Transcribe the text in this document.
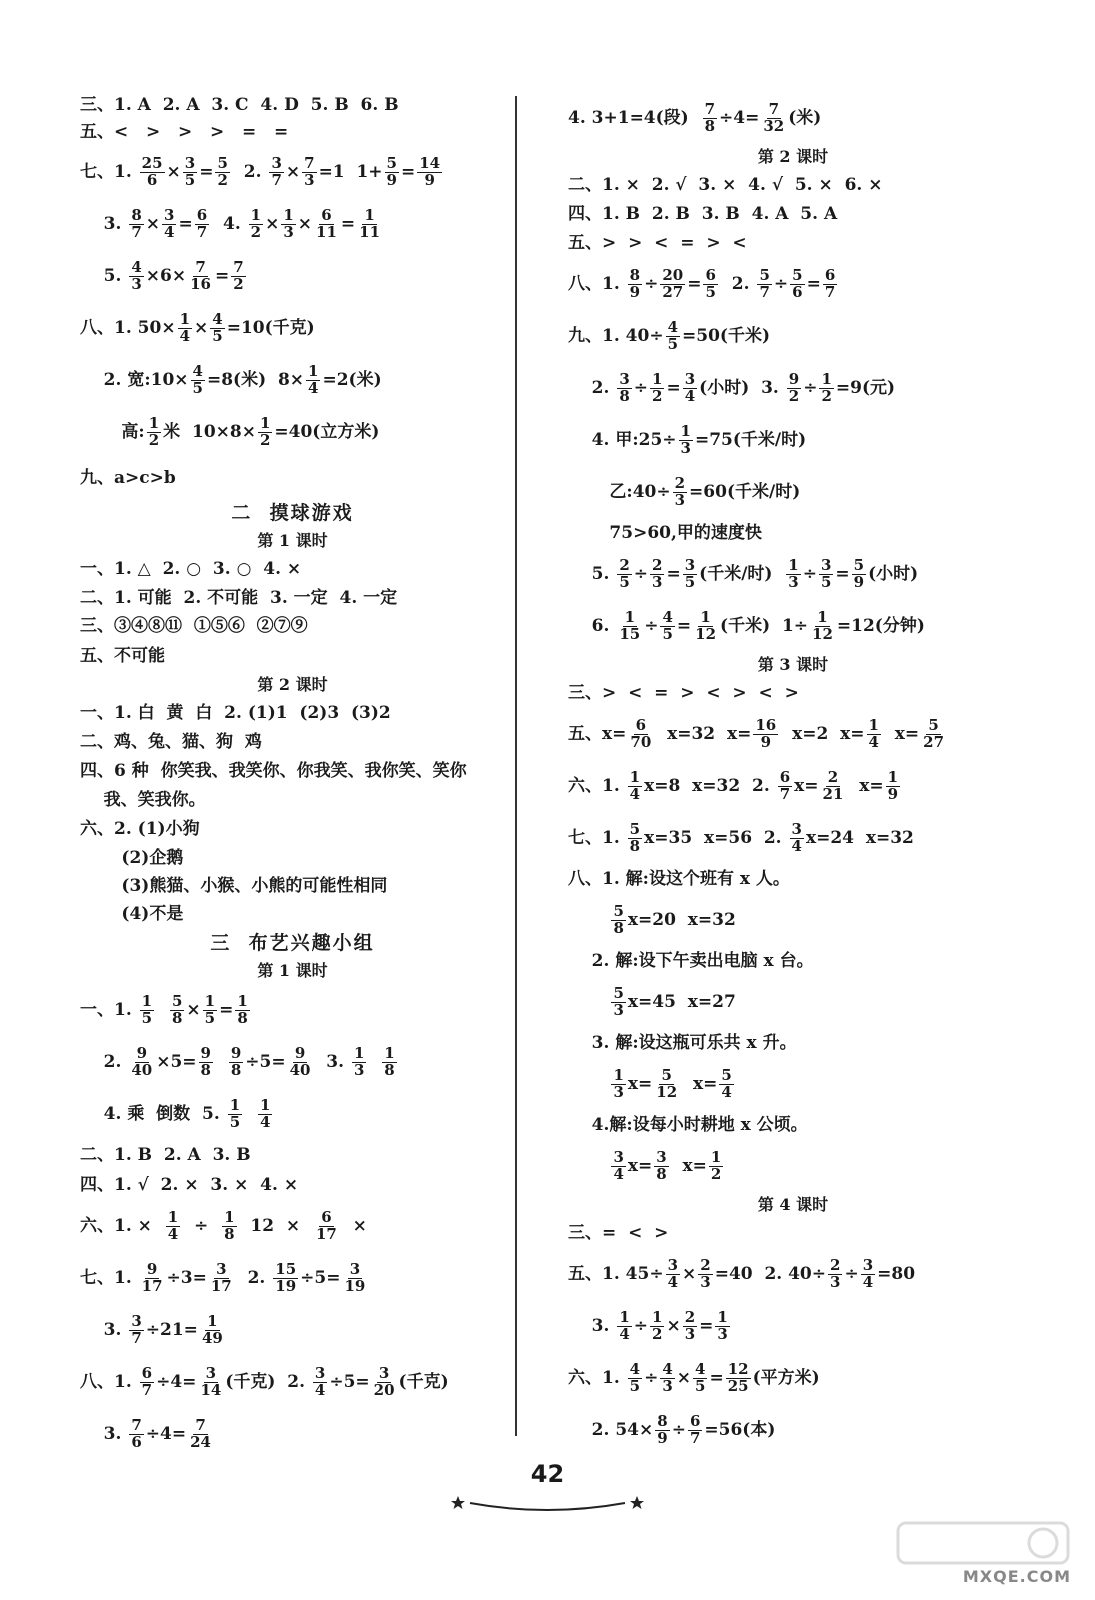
三、1. A  2. A  3. C  4. D  5. B  6. B
五、<   >   >   >   =   =
七、1. $\frac{25}{6} \times \frac{3}{5} = \frac{5}{2} 2$. $\frac{3}{7} \times \frac{7}{3} =1$  $1+ \frac{5}{9} = \frac{14}{9}$
3. $\frac{8}{7} \times \frac{3}{4} = \frac{6}{7} 4$. $\frac{1}{2} \times \frac{1}{3} \times \frac{6}{11} = \frac{1}{11}$
5. $\frac{4}{3} \times 6\times \frac{7}{16} = \frac{7}{2}$
八、1. $50\times \frac{1}{4} \times \frac{4}{5} =10$(千克)
2. 宽:10× $\frac{4}{5} =8$(米)  $8\times \frac{1}{4} =2$(米)
高: $\frac{1}{2}$ 米  $10\times 8\times \frac{1}{2} =40$(立方米)
九、a>c>b
二  摸球游戏
第 1 课时
一、1. △  2. ○  3. ○  4. ×
二、1. 可能  2. 不可能  3. 一定  4. 一定
三、③④⑧⑪  ①⑤⑥  ②⑦⑨
五、不可能
第 2 课时
一、1. 白  黄  白  2. (1)1  (2)3  (3)2
二、鸡、兔、猫、狗  鸡
四、6 种  你笑我、我笑你、你我笑、我你笑、笑你
我、笑我你。
六、2. (1)小狗
(2)企鹅
(3)熊猫、小猴、小熊的可能性相同
(4)不是
三  布艺兴趣小组
第 1 课时
一、1. $\frac{1}{5}$
$\frac{5}{8} \times \frac{1}{5} = \frac{1}{8}$
2. $\frac{9}{40} \times 5= \frac{9}{8}$
$\frac{9}{8} \div 5= \frac{9}{40} 3$. $\frac{1}{3}$
$\frac{1}{8}$
4. 乘  倒数  5. $\frac{1}{5}$
$\frac{1}{4}$
二、1. B  2. A  3. B
四、1. √  2. ×  3. ×  4. ×
六、1. × $\frac{1}{4} \div \frac{1}{8} 12 \times \frac{6}{17}$ ×
七、1. $\frac{9}{17} \div 3= \frac{3}{17} 2$. $\frac{15}{19} \div 5= \frac{3}{19}$
3. $\frac{3}{7} \div 21= \frac{1}{49}$
八、1. $\frac{6}{7} \div 4= \frac{3}{14}$ (千克)  2. $\frac{3}{4} \div 5= \frac{3}{20}$ (千克)
3. $\frac{7}{6} \div 4= \frac{7}{24}$
4. 3+1=4(段) $\frac{7}{8} \div 4= \frac{7}{32}$ (米)
第 2 课时
二、1. ×  2. √  3. ×  4. √  5. ×  6. ×
四、1. B  2. B  3. B  4. A  5. A
五、>  >  <  =  >  <
八、1. $\frac{8}{9} \div \frac{20}{27} = \frac{6}{5} 2$. $\frac{5}{7} \div \frac{5}{6} = \frac{6}{7}$
九、1. $40\div \frac{4}{5} =50$(千米)
2. $\frac{3}{8} \div \frac{1}{2} = \frac{3}{4}$ (小时)  3. $\frac{9}{2} \div \frac{1}{2} =9$(元)
4. 甲:25÷ $\frac{1}{3} =75$(千米/时)
乙:40÷ $\frac{2}{3} =60$(千米/时)
75>60,甲的速度快
5. $\frac{2}{5} \div \frac{2}{3} = \frac{3}{5}$ (千米/时) $\frac{1}{3} \div \frac{3}{5} = \frac{5}{9}$ (小时)
6. $\frac{1}{15} \div \frac{4}{5} = \frac{1}{12}$ (千米)  $1\div \frac{1}{12} =12$(分钟)
第 3 课时
三、>  <  =  >  <  >  <  >
五、$x= \frac{6}{70} x=32$  $x= \frac{16}{9} x=2$  $x= \frac{1}{4} x= \frac{5}{27}$
六、1. $\frac{1}{4} x=8$  x=32  2. $\frac{6}{7} x= \frac{2}{21} x= \frac{1}{9}$
七、1. $\frac{5}{8} x=35$  x=56  2. $\frac{3}{4} x=24$  x=32
八、1. 解:设这个班有 x 人。

$\frac{5}{8} x=20$  x=32
2. 解:设下午卖出电脑 x 台。

$\frac{5}{3} x=45$  x=27
3. 解:设这瓶可乐共 x 升。

$\frac{1}{3} x= \frac{5}{12} x= \frac{5}{4}$
4.解:设每小时耕地 x 公顷。

$\frac{3}{4} x= \frac{3}{8} x= \frac{1}{2}$
第 4 课时
三、=  <  >
五、1. $45\div \frac{3}{4} \times \frac{2}{3} =40$  2. $40\div \frac{2}{3} \div \frac{3}{4} =80$
3. $\frac{1}{4} \div \frac{1}{2} \times \frac{2}{3} = \frac{1}{3}$
六、1. $\frac{4}{5} \div \frac{4}{3} \times \frac{4}{5} = \frac{12}{25}$ (平方米)
2. $54\times \frac{8}{9} \div \frac{6}{7} =56$(本)
42
MXQE.COM
